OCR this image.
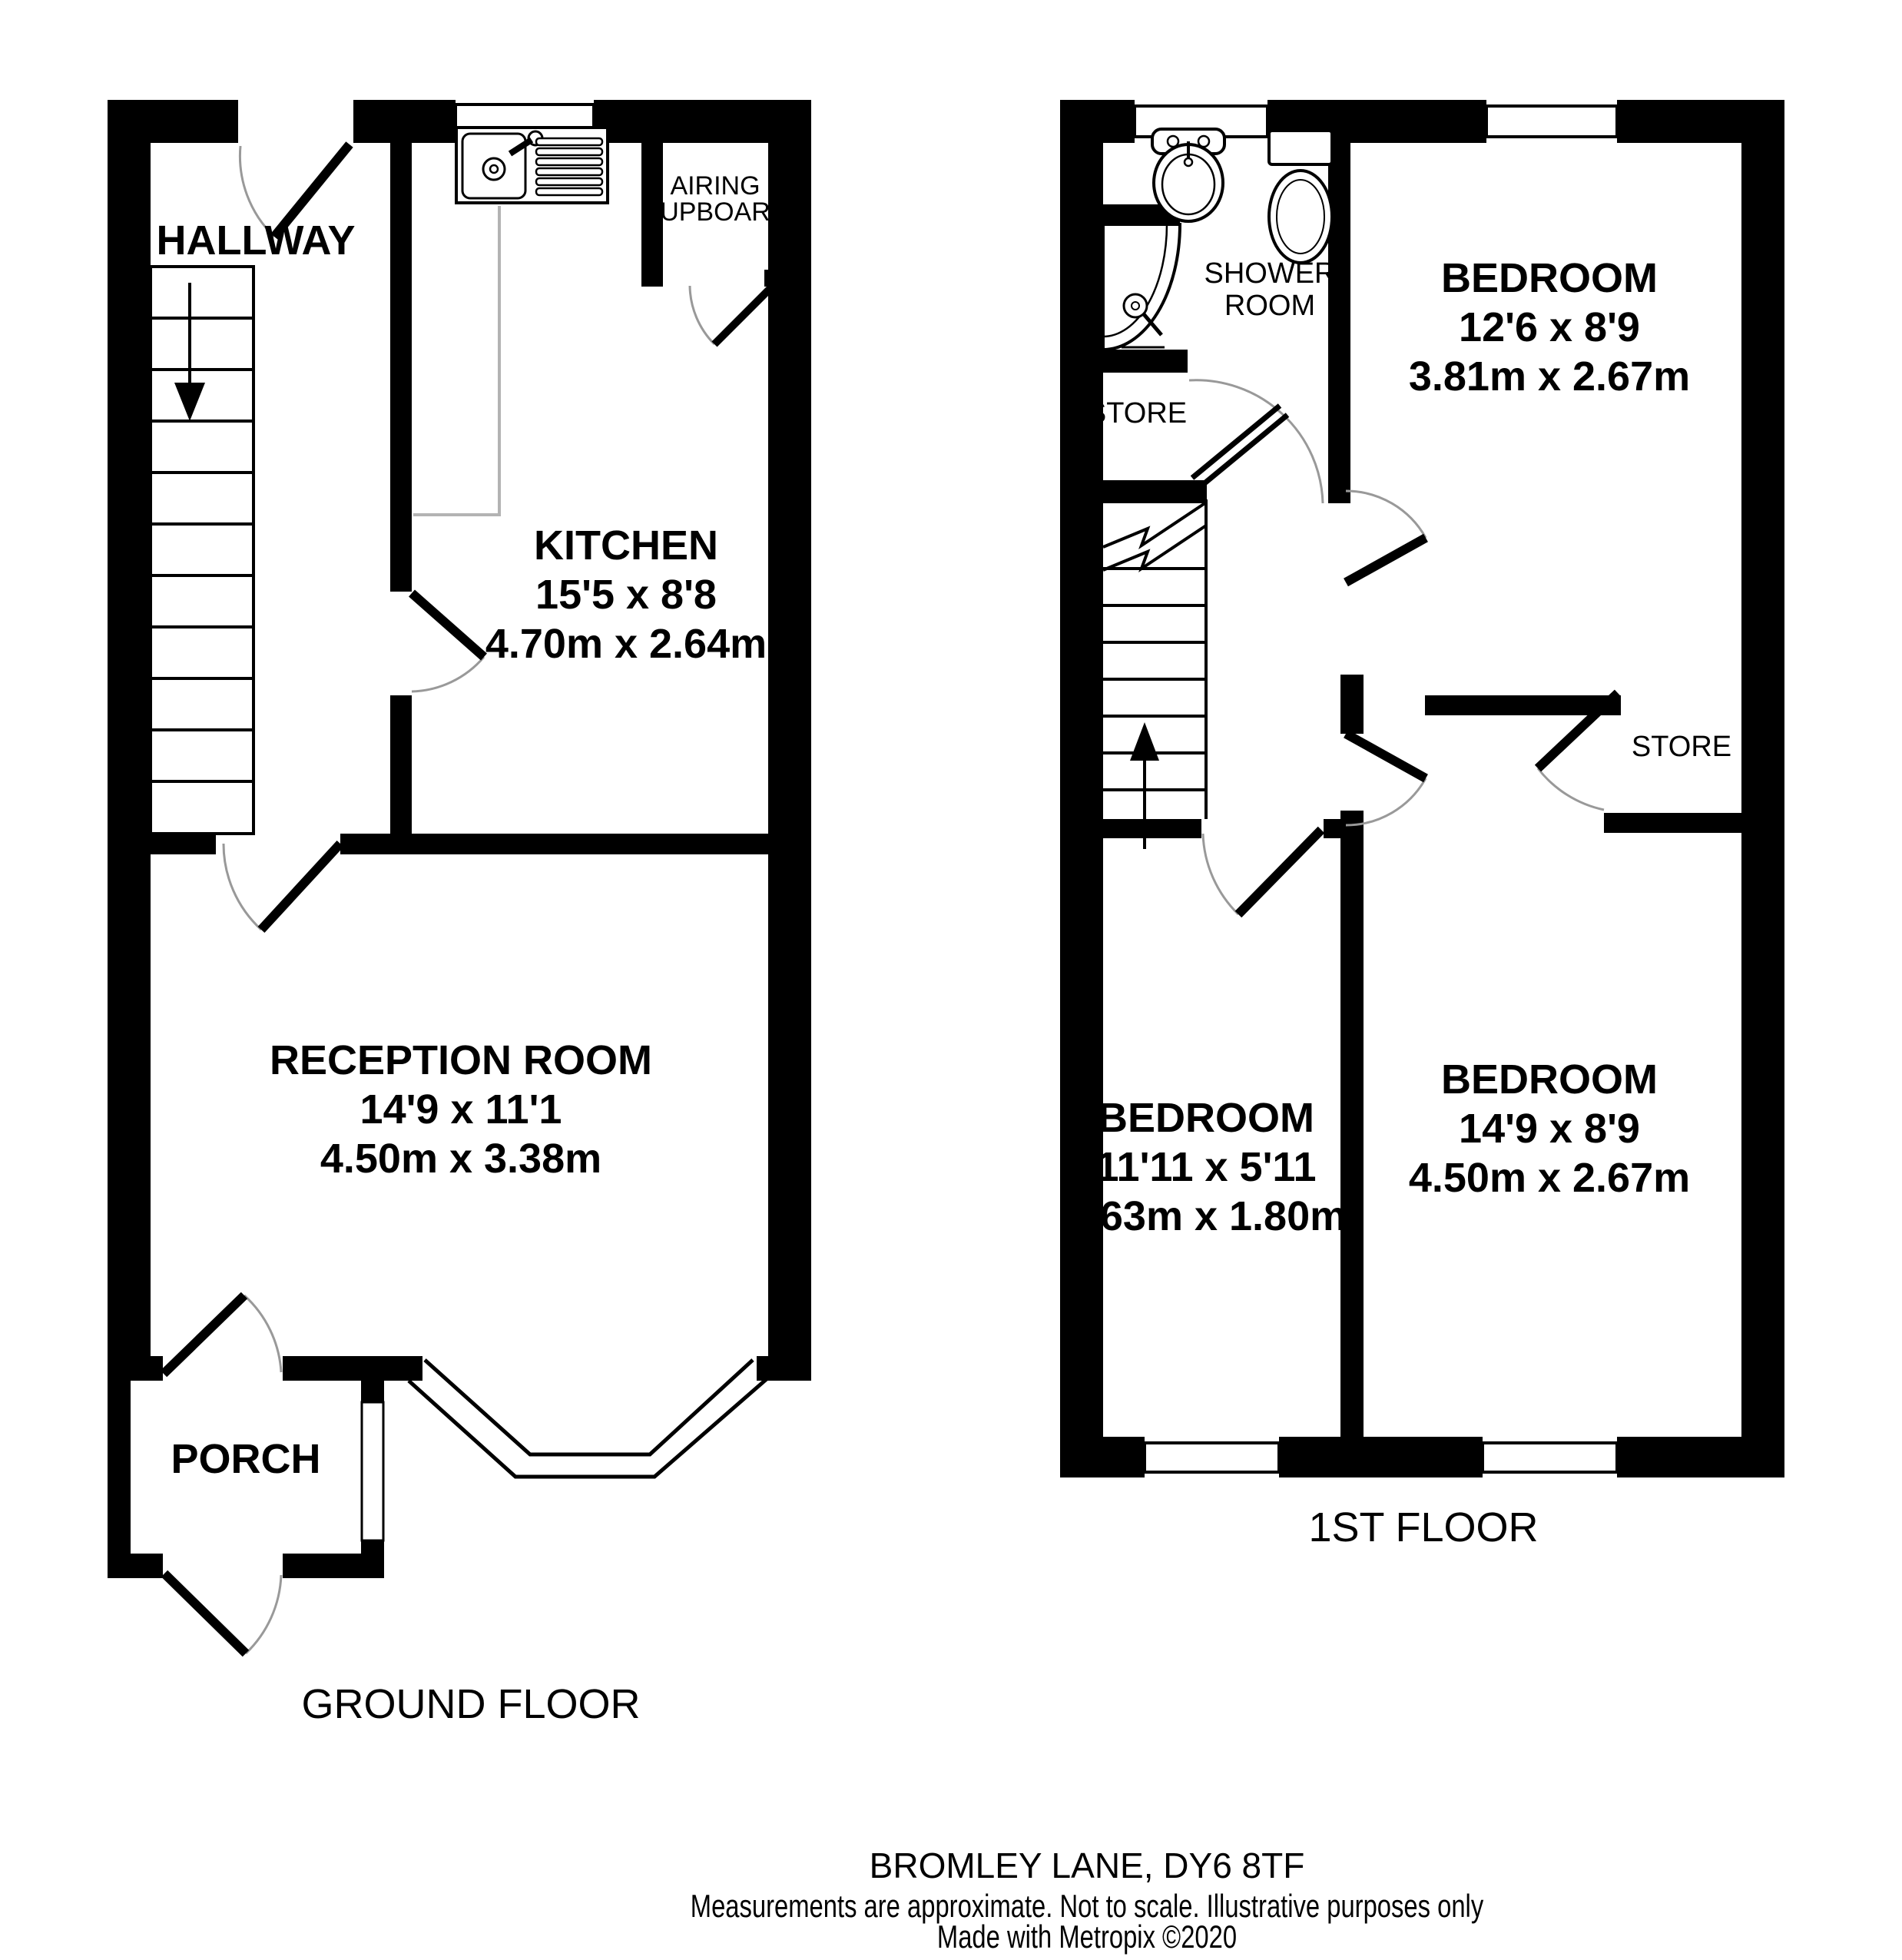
HALLWAY
KITCHEN
15'5 x 8'8
4.70m x 2.64m
AIRING
CUPBOARD
RECEPTION ROOM
14'9 x 11'1
4.50m x 3.38m
PORCH
GROUND FLOOR
SHOWER
ROOM
STORE
STORE
BEDROOM
12'6 x 8'9
3.81m x 2.67m
BEDROOM
11'11 x 5'11
3.63m x 1.80m
BEDROOM
14'9 x 8'9
4.50m x 2.67m
1ST FLOOR
BROMLEY LANE, DY6 8TF
Measurements are approximate. Not to scale. Illustrative purposes only
Made with Metropix ©2020
